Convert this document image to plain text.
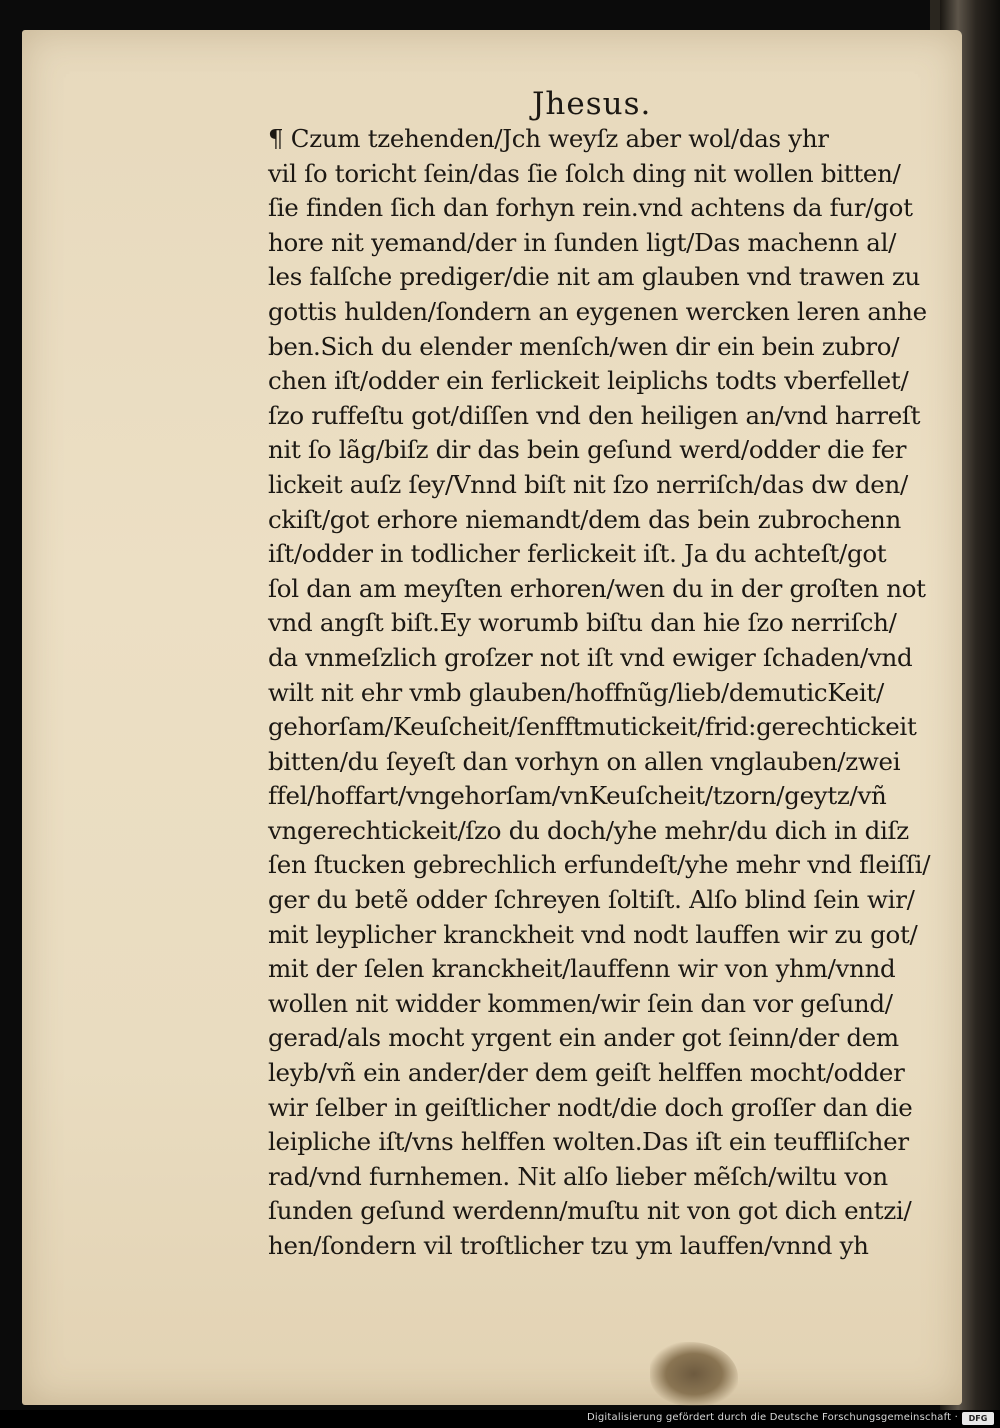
Jhesus.
¶ Czum tzehenden/Jch weyſz aber wol/das yhr
vil ſo toricht ſein/das ſie ſolch ding nit wollen bitten/
ſie finden ſich dan forhyn rein.vnd achtens da fur/got
hore nit yemand/der in ſunden ligt/Das machenn al/
les falſche prediger/die nit am glauben vnd trawen zu
gottis hulden/ſondern an eygenen wercken leren anhe
ben.Sich du elender menſch/wen dir ein bein zubro/
chen iſt/odder ein ferlickeit leiplichs todts vberfellet/
ſzo ruffeſtu got/diſſen vnd den heiligen an/vnd harreſt
nit ſo lãg/biſz dir das bein geſund werd/odder die fer
lickeit auſz ſey/Vnnd biſt nit ſzo nerriſch/das dw den/
ckiſt/got erhore niemandt/dem das bein zubrochenn
iſt/odder in todlicher ferlickeit iſt. Ja du achteſt/got
ſol dan am meyſten erhoren/wen du in der groſten not
vnd angſt biſt.Ey worumb biſtu dan hie ſzo nerriſch/
da vnmeſzlich groſzer not iſt vnd ewiger ſchaden/vnd
wilt nit ehr vmb glauben/hoffnũg/lieb/demuticKeit/
gehorſam/Keuſcheit/ſenfftmutickeit/frid:gerechtickeit
bitten/du ſeyeſt dan vorhyn on allen vnglauben/zwei
ffel/hoffart/vngehorſam/vnKeuſcheit/tzorn/geytz/vñ
vngerechtickeit/ſzo du doch/yhe mehr/du dich in diſz
ſen ſtucken gebrechlich erfundeſt/yhe mehr vnd fleiſſi/
ger du betẽ odder ſchreyen ſoltiſt. Alſo blind ſein wir/
mit leyplicher kranckheit vnd nodt lauffen wir zu got/
mit der ſelen kranckheit/lauffenn wir von yhm/vnnd
wollen nit widder kommen/wir ſein dan vor geſund/
gerad/als mocht yrgent ein ander got ſeinn/der dem
leyb/vñ ein ander/der dem geiſt helffen mocht/odder
wir ſelber in geiſtlicher nodt/die doch groſſer dan die
leipliche iſt/vns helffen wolten.Das iſt ein teuffliſcher
rad/vnd furnhemen. Nit alſo lieber mẽſch/wiltu von
ſunden geſund werdenn/muſtu nit von got dich entzi/
hen/ſondern vil troſtlicher tzu ym lauffen/vnnd yh
Digitalisierung gefördert durch die Deutsche Forschungsgemeinschaft ·	DFG
